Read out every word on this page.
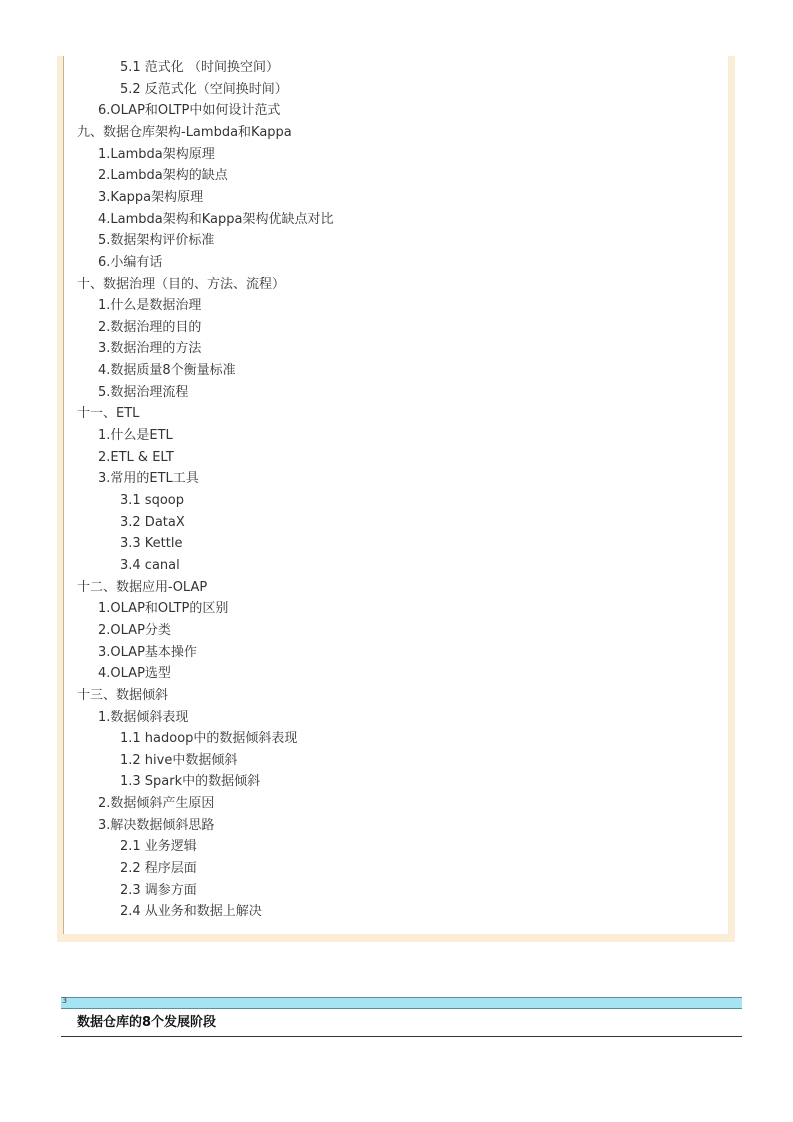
5.1 范式化 （时间换空间）
5.2 反范式化（空间换时间）
6.OLAP和OLTP中如何设计范式
九、数据仓库架构-Lambda和Kappa
1.Lambda架构原理
2.Lambda架构的缺点
3.Kappa架构原理
4.Lambda架构和Kappa架构优缺点对比
5.数据架构评价标准
6.小编有话
十、数据治理（目的、方法、流程）
1.什么是数据治理
2.数据治理的目的
3.数据治理的方法
4.数据质量8个衡量标准
5.数据治理流程
十一、ETL
1.什么是ETL
2.ETL & ELT
3.常用的ETL工具
3.1 sqoop
3.2 DataX
3.3 Kettle
3.4 canal
十二、数据应用-OLAP
1.OLAP和OLTP的区别
2.OLAP分类
3.OLAP基本操作
4.OLAP选型
十三、数据倾斜
1.数据倾斜表现
1.1 hadoop中的数据倾斜表现
1.2 hive中数据倾斜
1.3 Spark中的数据倾斜
2.数据倾斜产生原因
3.解决数据倾斜思路
2.1 业务逻辑
2.2 程序层面
2.3 调参方面
2.4 从业务和数据上解决
3
数据仓库的8个发展阶段
